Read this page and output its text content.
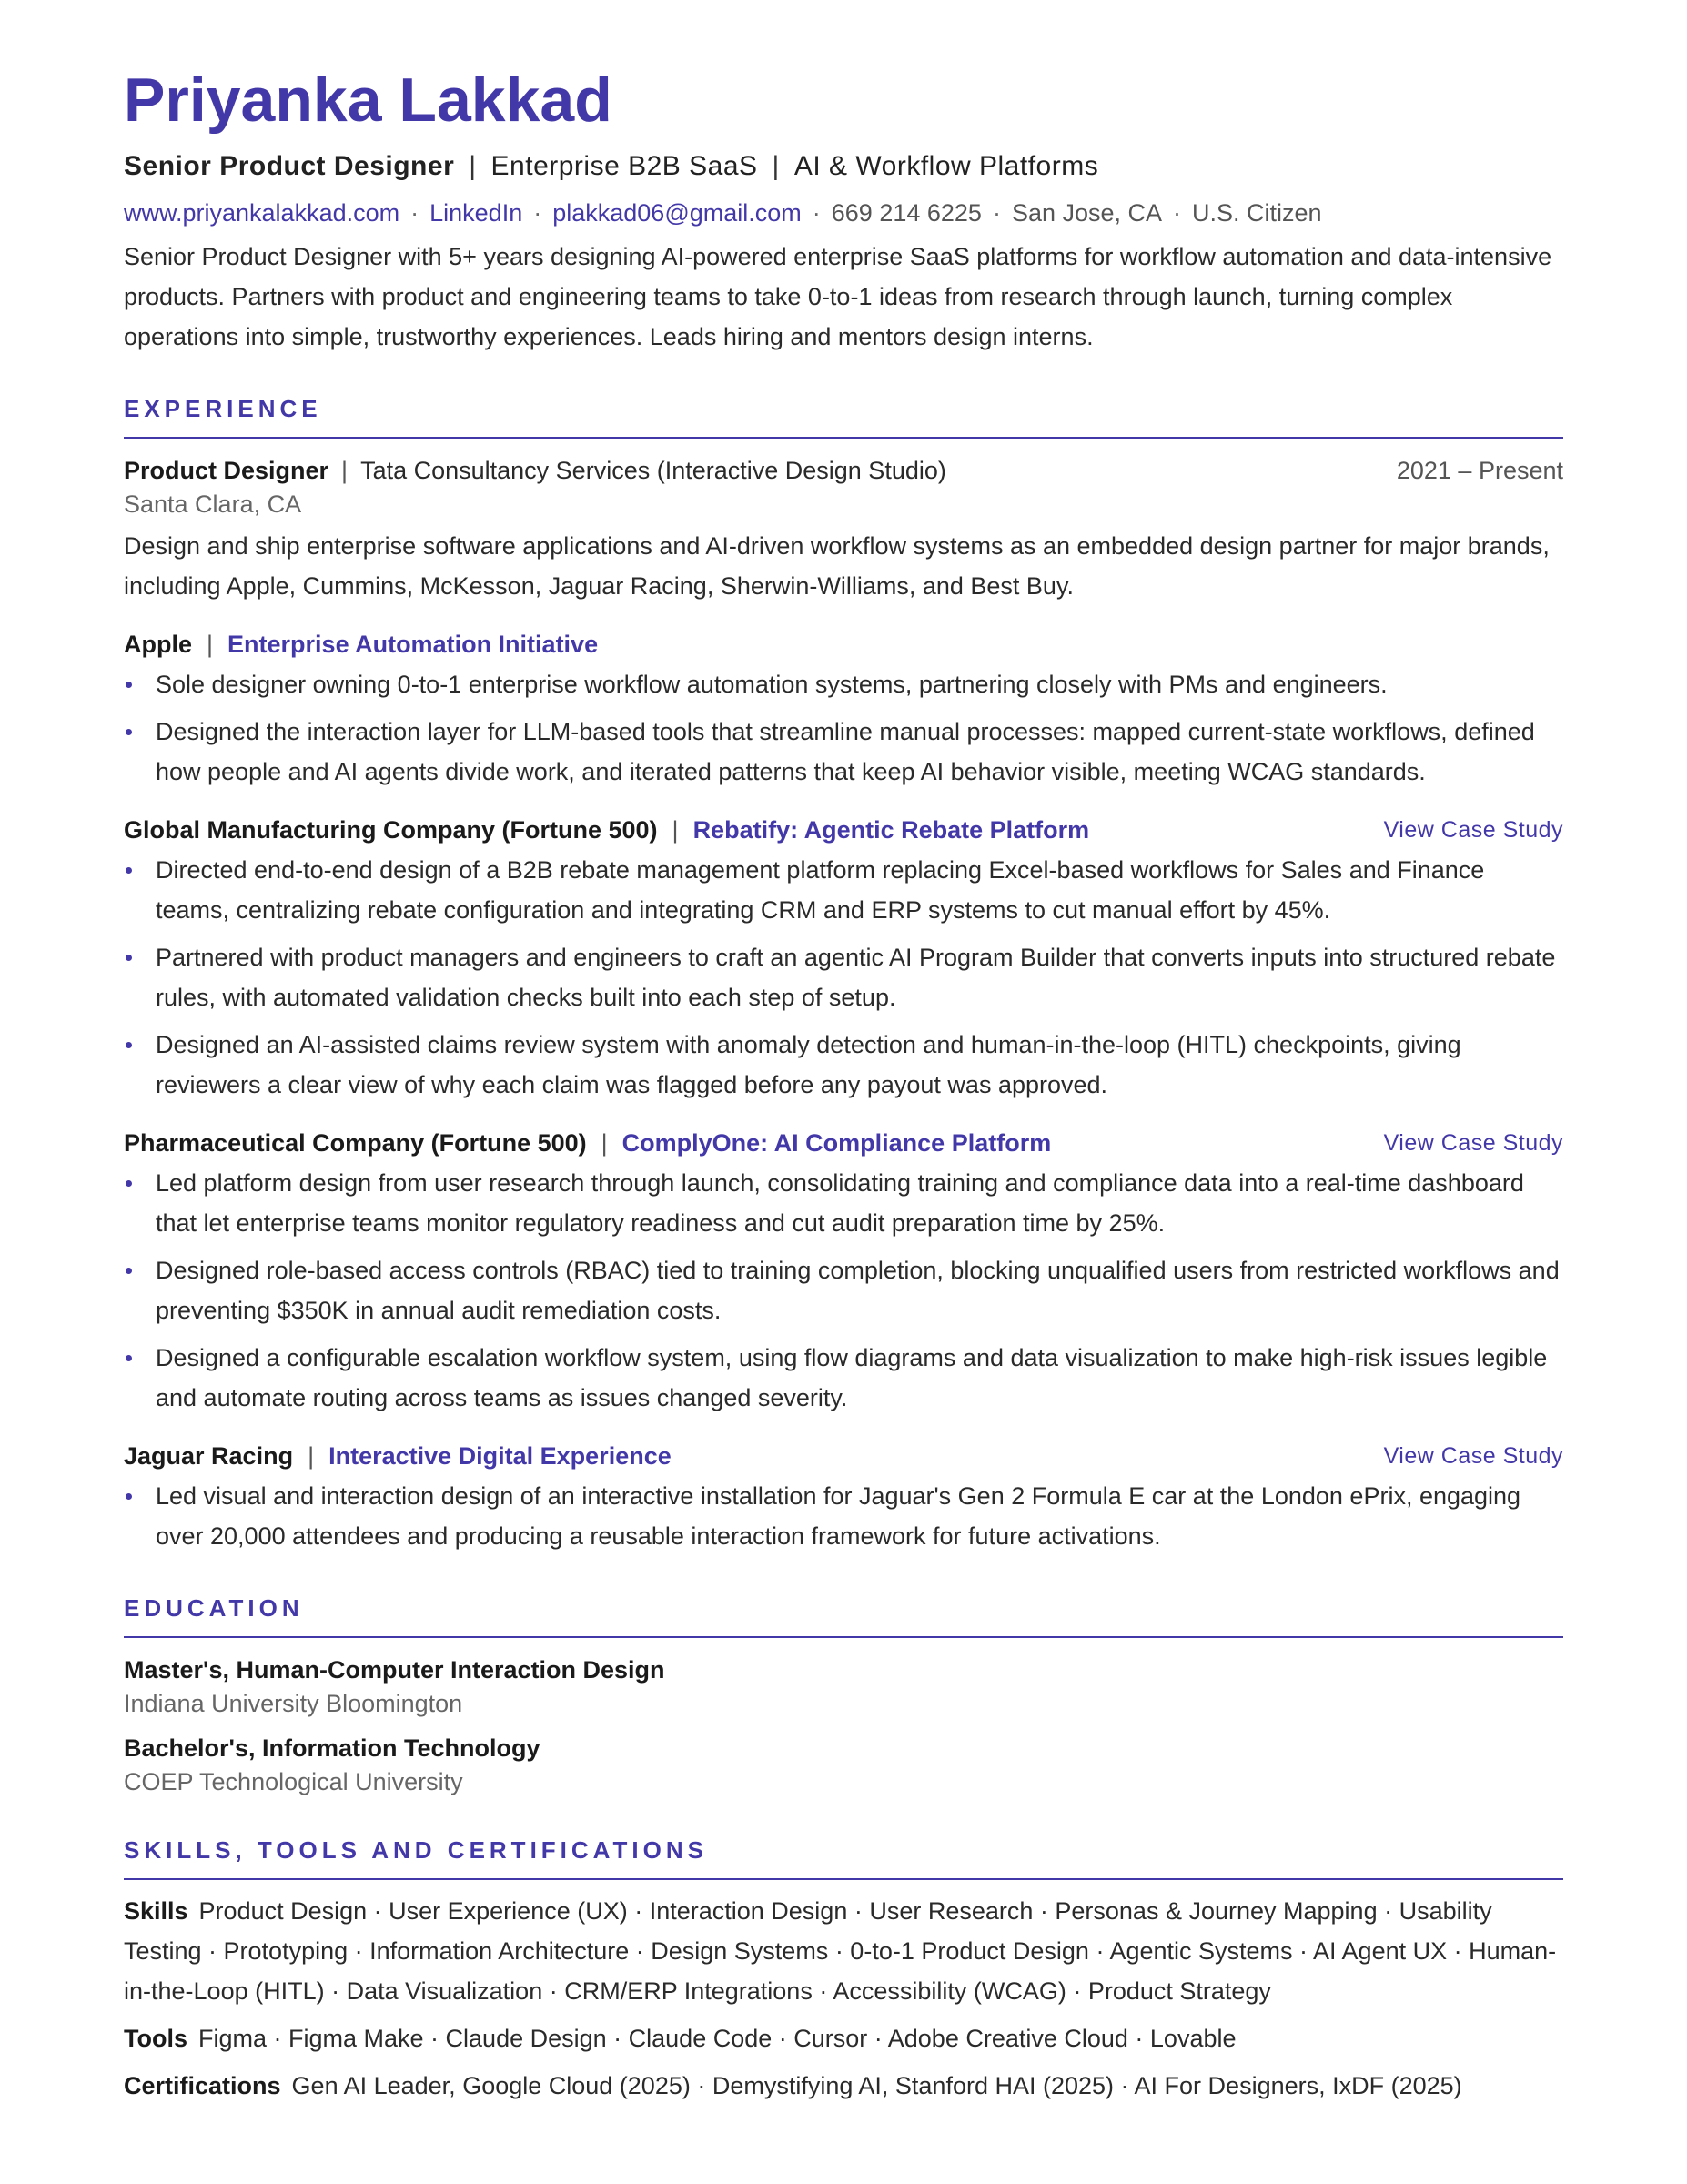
Priyanka Lakkad
Senior Product Designer | Enterprise B2B SaaS | AI & Workflow Platforms
www.priyankalakkad.com · LinkedIn · plakkad06@gmail.com · 669 214 6225 · San Jose, CA · U.S. Citizen

Senior Product Designer with 5+ years designing AI-powered enterprise SaaS platforms for workflow automation and data-intensive products. Partners with product and engineering teams to take 0-to-1 ideas from research through launch, turning complex operations into simple, trustworthy experiences. Leads hiring and mentors design interns.

EXPERIENCE
Product Designer | Tata Consultancy Services (Interactive Design Studio)	2021 – Present
Santa Clara, CA

Design and ship enterprise software applications and AI-driven workflow systems as an embedded design partner for major brands, including Apple, Cummins, McKesson, Jaguar Racing, Sherwin-Williams, and Best Buy.

Apple | Enterprise Automation Initiative
Sole designer owning 0-to-1 enterprise workflow automation systems, partnering closely with PMs and engineers.
Designed the interaction layer for LLM-based tools that streamline manual processes: mapped current-state workflows, defined how people and AI agents divide work, and iterated patterns that keep AI behavior visible, meeting WCAG standards.
Global Manufacturing Company (Fortune 500) | Rebatify: Agentic Rebate Platform	View Case Study
Directed end-to-end design of a B2B rebate management platform replacing Excel-based workflows for Sales and Finance teams, centralizing rebate configuration and integrating CRM and ERP systems to cut manual effort by 45%.
Partnered with product managers and engineers to craft an agentic AI Program Builder that converts inputs into structured rebate rules, with automated validation checks built into each step of setup.
Designed an AI-assisted claims review system with anomaly detection and human-in-the-loop (HITL) checkpoints, giving reviewers a clear view of why each claim was flagged before any payout was approved.
Pharmaceutical Company (Fortune 500) | ComplyOne: AI Compliance Platform	View Case Study
Led platform design from user research through launch, consolidating training and compliance data into a real-time dashboard that let enterprise teams monitor regulatory readiness and cut audit preparation time by 25%.
Designed role-based access controls (RBAC) tied to training completion, blocking unqualified users from restricted workflows and preventing $350K in annual audit remediation costs.
Designed a configurable escalation workflow system, using flow diagrams and data visualization to make high-risk issues legible and automate routing across teams as issues changed severity.
Jaguar Racing | Interactive Digital Experience	View Case Study
Led visual and interaction design of an interactive installation for Jaguar's Gen 2 Formula E car at the London ePrix, engaging over 20,000 attendees and producing a reusable interaction framework for future activations.
EDUCATION
Master's, Human-Computer Interaction Design
Indiana University Bloomington
Bachelor's, Information Technology
COEP Technological University
SKILLS, TOOLS AND CERTIFICATIONS
Skills Product Design · User Experience (UX) · Interaction Design · User Research · Personas & Journey Mapping · Usability Testing · Prototyping · Information Architecture · Design Systems · 0-to-1 Product Design · Agentic Systems · AI Agent UX · Human-in-the-Loop (HITL) · Data Visualization · CRM/ERP Integrations · Accessibility (WCAG) · Product Strategy
Tools Figma · Figma Make · Claude Design · Claude Code · Cursor · Adobe Creative Cloud · Lovable
Certifications Gen AI Leader, Google Cloud (2025) · Demystifying AI, Stanford HAI (2025) · AI For Designers, IxDF (2025)
